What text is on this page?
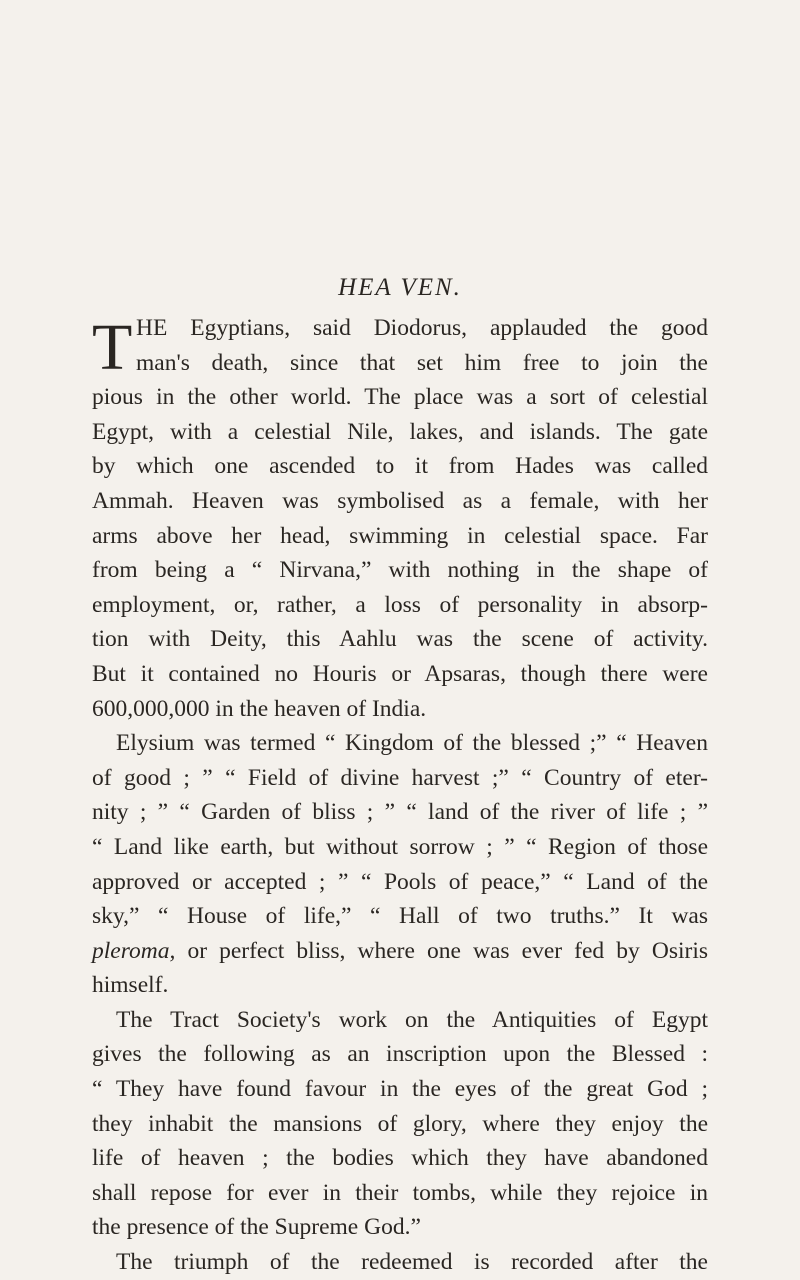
HEA VEN.
T HE Egyptians, said Diodorus, applauded the good
man's death, since that set him free to join the
pious in the other world. The place was a sort of celestial
Egypt, with a celestial Nile, lakes, and islands. The gate
by which one ascended to it from Hades was called
Ammah. Heaven was symbolised as a female, with her
arms above her head, swimming in celestial space. Far
from being a “ Nirvana,” with nothing in the shape of
employment, or, rather, a loss of personality in absorp-
tion with Deity, this Aahlu was the scene of activity.
But it contained no Houris or Apsaras, though there were
600,000,000 in the heaven of India.
Elysium was termed “ Kingdom of the blessed ;” “ Heaven
of good ; ” “ Field of divine harvest ;” “ Country of eter-
nity ; ” “ Garden of bliss ; ” “ land of the river of life ; ”
“ Land like earth, but without sorrow ; ” “ Region of those
approved or accepted ; ” “ Pools of peace,” “ Land of the
sky,” “ House of life,” “ Hall of two truths.” It was
pleroma, or perfect bliss, where one was ever fed by Osiris
himself.
The Tract Society's work on the Antiquities of Egypt
gives the following as an inscription upon the Blessed :
“ They have found favour in the eyes of the great God ;
they inhabit the mansions of glory, where they enjoy the
life of heaven ; the bodies which they have abandoned
shall repose for ever in their tombs, while they rejoice in
the presence of the Supreme God.”
The triumph of the redeemed is recorded after the
